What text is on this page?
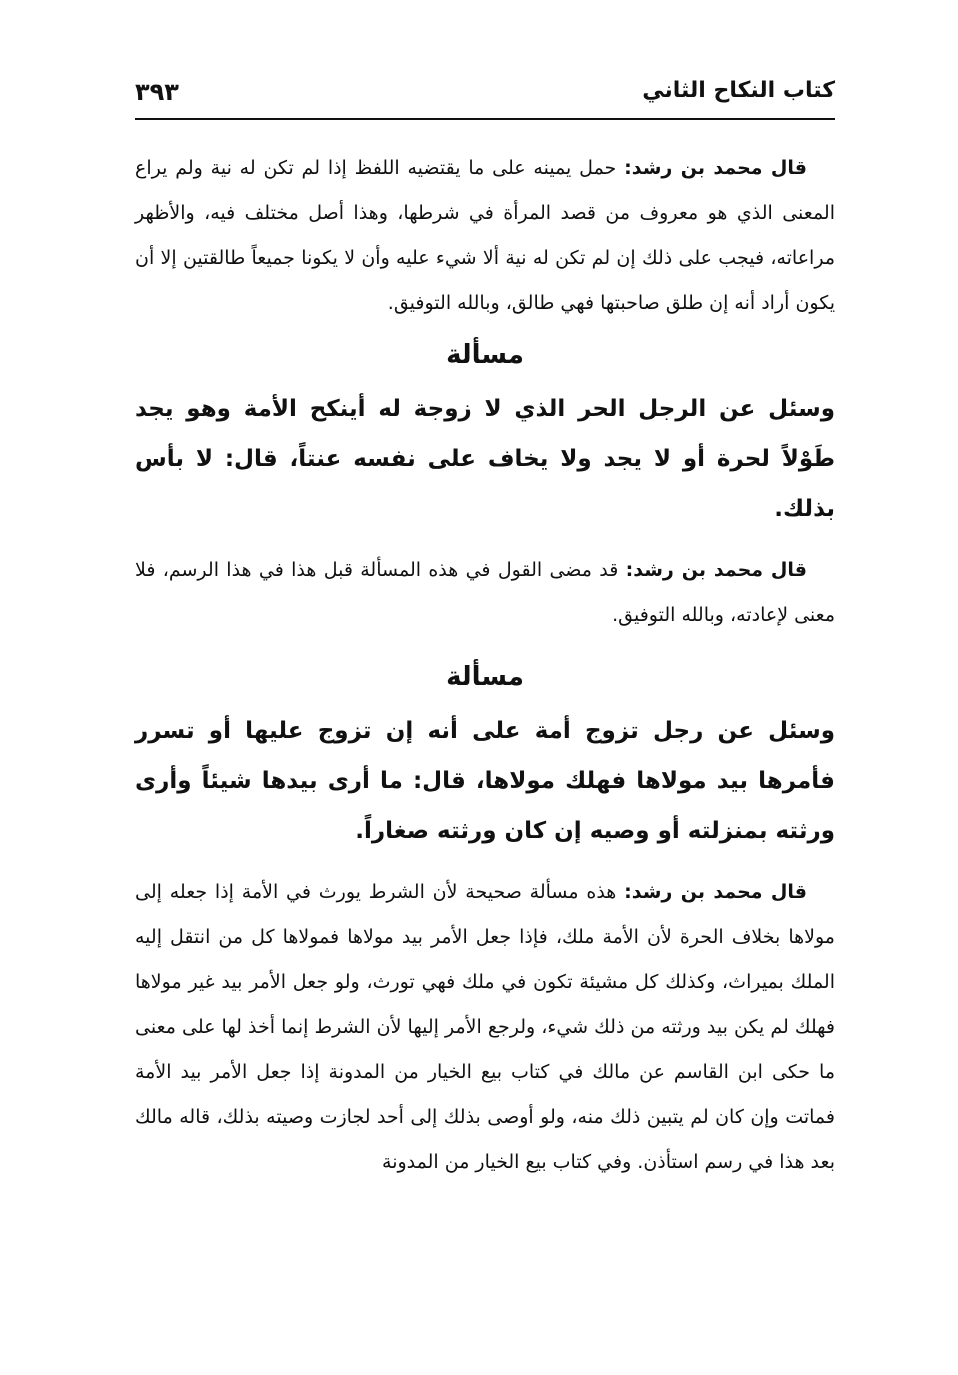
كتاب النكاح الثاني
٣٩٣

قال محمد بن رشد: حمل يمينه على ما يقتضيه اللفظ إذا لم تكن له نية ولم يراع المعنى الذي هو معروف من قصد المرأة في شرطها، وهذا أصل مختلف فيه، والأظهر مراعاته، فيجب على ذلك إن لم تكن له نية ألا شيء عليه وأن لا يكونا جميعاً طالقتين إلا أن يكون أراد أنه إن طلق صاحبتها فهي طالق، وبالله التوفيق.

مسألة

وسئل عن الرجل الحر الذي لا زوجة له أينكح الأمة وهو يجد طَوْلاً لحرة أو لا يجد ولا يخاف على نفسه عنتاً، قال: لا بأس بذلك.

قال محمد بن رشد: قد مضى القول في هذه المسألة قبل هذا في هذا الرسم، فلا معنى لإعادته، وبالله التوفيق.

مسألة

وسئل عن رجل تزوج أمة على أنه إن تزوج عليها أو تسرر فأمرها بيد مولاها فهلك مولاها، قال: ما أرى بيدها شيئاً وأرى ورثته بمنزلته أو وصيه إن كان ورثته صغاراً.

قال محمد بن رشد: هذه مسألة صحيحة لأن الشرط يورث في الأمة إذا جعله إلى مولاها بخلاف الحرة لأن الأمة ملك، فإذا جعل الأمر بيد مولاها فمولاها كل من انتقل إليه الملك بميراث، وكذلك كل مشيئة تكون في ملك فهي تورث، ولو جعل الأمر بيد غير مولاها فهلك لم يكن بيد ورثته من ذلك شيء، ولرجع الأمر إليها لأن الشرط إنما أخذ لها على معنى ما حكى ابن القاسم عن مالك في كتاب بيع الخيار من المدونة إذا جعل الأمر بيد الأمة فماتت وإن كان لم يتبين ذلك منه، ولو أوصى بذلك إلى أحد لجازت وصيته بذلك، قاله مالك بعد هذا في رسم استأذن. وفي كتاب بيع الخيار من المدونة
